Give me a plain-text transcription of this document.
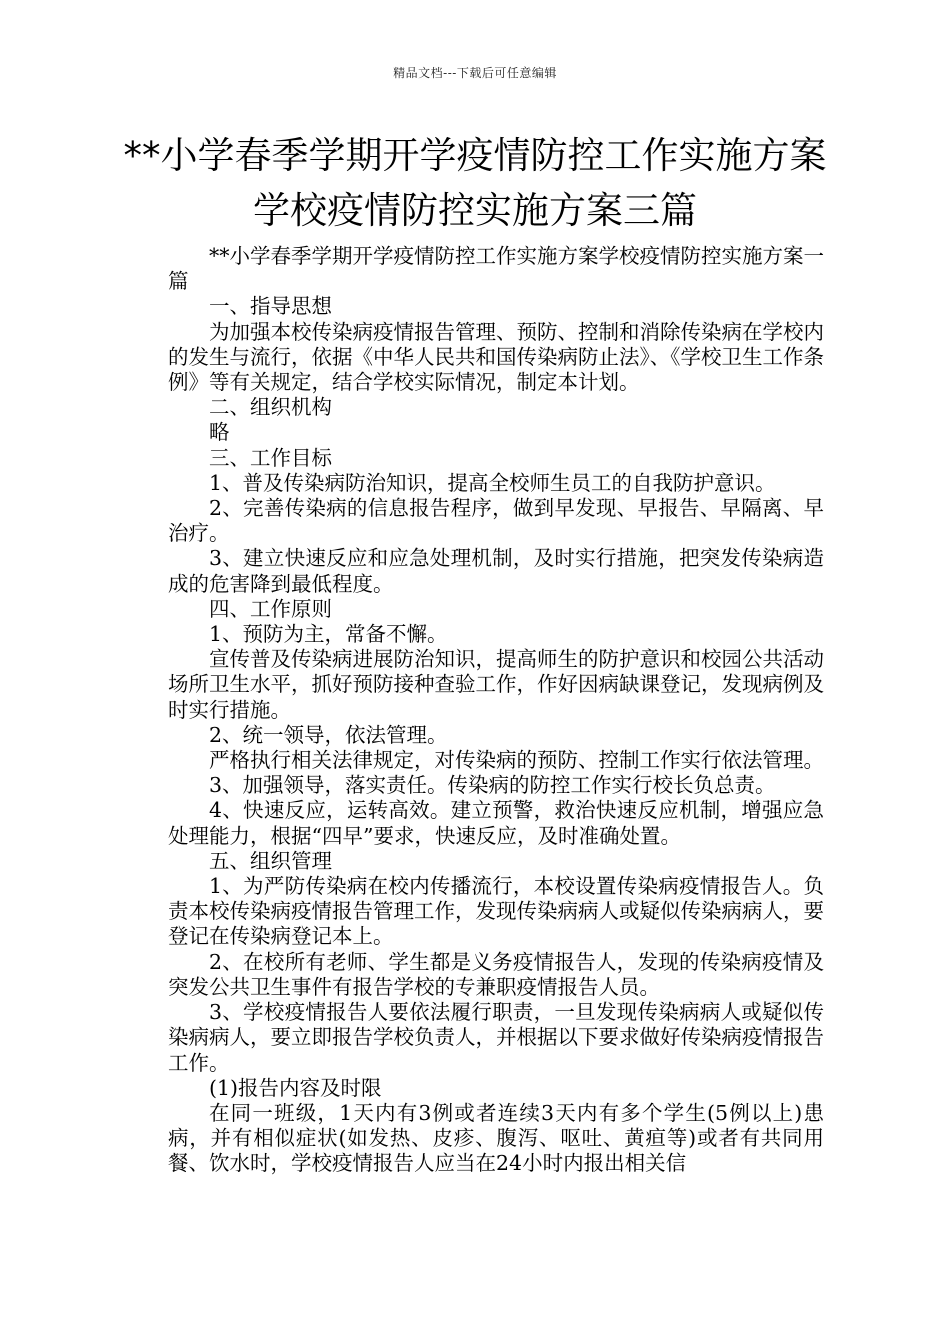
精品文档---下载后可任意编辑
**小学春季学期开学疫情防控工作实施方案学校疫情防控实施方案三篇

**小学春季学期开学疫情防控工作实施方案学校疫情防控实施方案一篇

一、指导思想

为加强本校传染病疫情报告管理、预防、控制和消除传染病在学校内的发生与流行，依据《中华人民共和国传染病防止法》、《学校卫生工作条例》等有关规定，结合学校实际情况，制定本计划。

二、组织机构

略

三、工作目标

1、普及传染病防治知识，提高全校师生员工的自我防护意识。

2、完善传染病的信息报告程序，做到早发现、早报告、早隔离、早治疗。

3、建立快速反应和应急处理机制，及时实行措施，把突发传染病造成的危害降到最低程度。

四、工作原则

1、预防为主，常备不懈。

宣传普及传染病进展防治知识，提高师生的防护意识和校园公共活动场所卫生水平，抓好预防接种查验工作，作好因病缺课登记，发现病例及时实行措施。

2、统一领导，依法管理。

严格执行相关法律规定，对传染病的预防、控制工作实行依法管理。

3、加强领导，落实责任。传染病的防控工作实行校长负总责。

4、快速反应，运转高效。建立预警，救治快速反应机制，增强应急处理能力，根据“四早”要求，快速反应，及时准确处置。

五、组织管理

1、为严防传染病在校内传播流行，本校设置传染病疫情报告人。负责本校传染病疫情报告管理工作，发现传染病病人或疑似传染病病人，要登记在传染病登记本上。

2、在校所有老师、学生都是义务疫情报告人，发现的传染病疫情及突发公共卫生事件有报告学校的专兼职疫情报告人员。

3、学校疫情报告人要依法履行职责，一旦发现传染病病人或疑似传染病病人，要立即报告学校负责人，并根据以下要求做好传染病疫情报告工作。

(1)报告内容及时限

在同一班级，1天内有3例或者连续3天内有多个学生(5例以上)患病，并有相似症状(如发热、皮疹、腹泻、呕吐、黄疸等)或者有共同用餐、饮水时，学校疫情报告人应当在24小时内报出相关信
